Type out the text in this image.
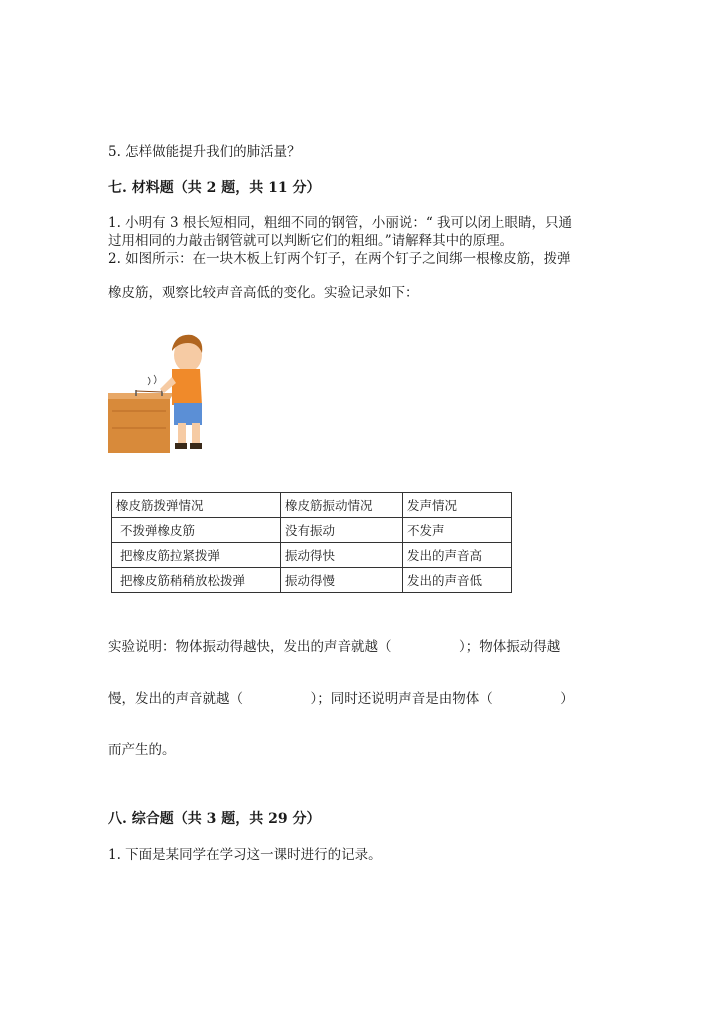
5. 怎样做能提升我们的肺活量？
七. 材料题（共 2 题，共 11 分）
1. 小明有 3 根长短相同，粗细不同的钢管，小丽说：“ 我可以闭上眼睛，只通
过用相同的力敲击钢管就可以判断它们的粗细。”请解释其中的原理。
2. 如图所示：在一块木板上钉两个钉子，在两个钉子之间绑一根橡皮筋，拨弹
橡皮筋，观察比较声音高低的变化。实验记录如下：
橡皮筋拨弹情况	橡皮筋振动情况	发声情况
不拨弹橡皮筋	没有振动	不发声
把橡皮筋拉紧拨弹	振动得快	发出的声音高
把橡皮筋稍稍放松拨弹	振动得慢	发出的声音低
实验说明：物体振动得越快，发出的声音就越（　　　　　）；物体振动得越
慢，发出的声音就越（　　　　　）；同时还说明声音是由物体（　　　　　）
而产生的。
八. 综合题（共 3 题，共 29 分）
1. 下面是某同学在学习这一课时进行的记录。
